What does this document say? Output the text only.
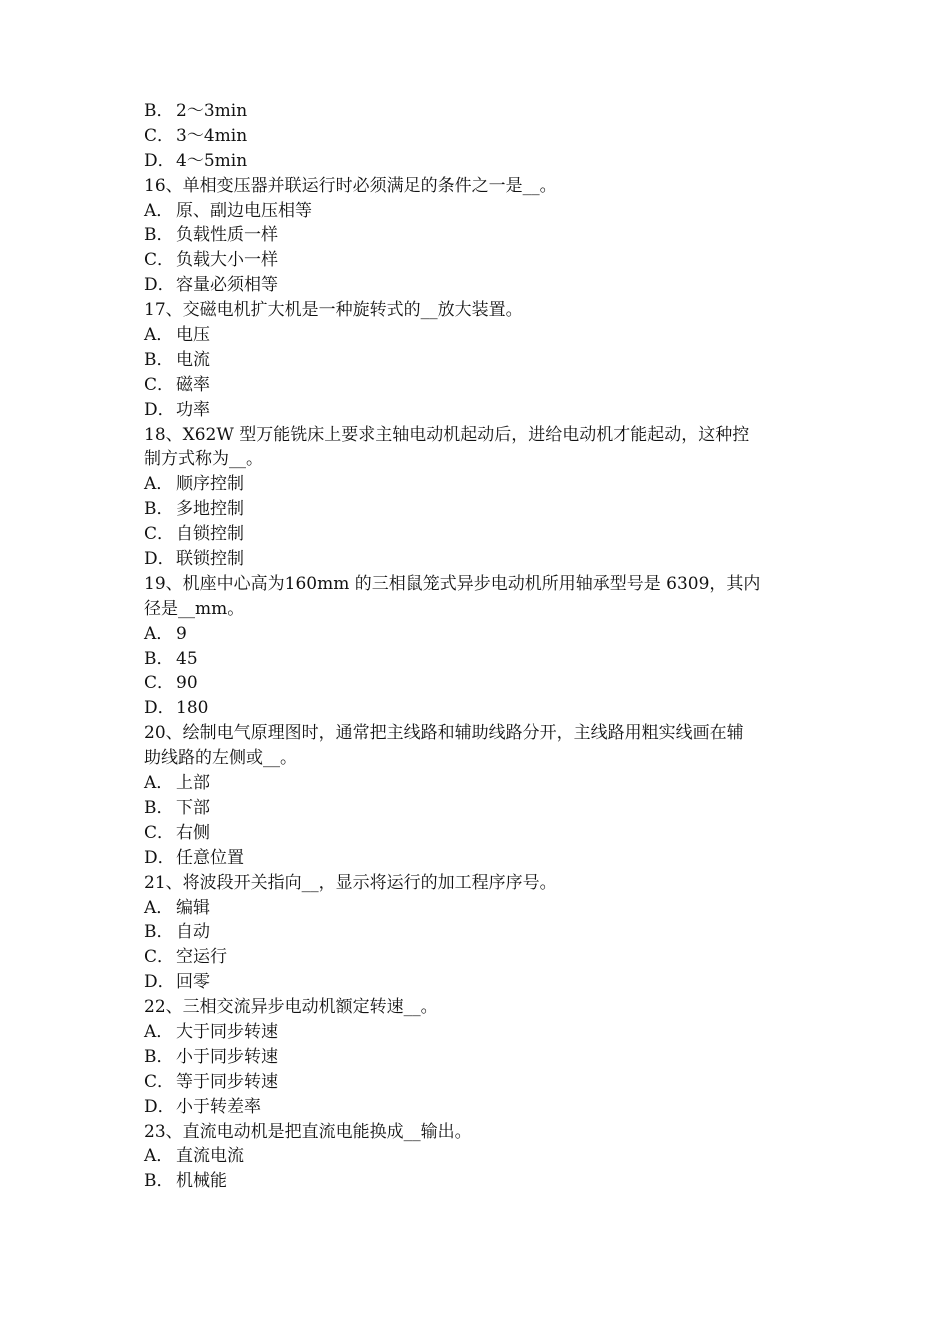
B． 2～3min
C． 3～4min
D．4～5min
16、单相变压器并联运行时必须满足的条件之一是__。
A． 原、副边电压相等
B． 负载性质一样
C． 负载大小一样
D．容量必须相等
17、交磁电机扩大机是一种旋转式的__放大装置。
A． 电压
B． 电流
C． 磁率
D．功率
18、X62W 型万能铣床上要求主轴电动机起动后，进给电动机才能起动，这种控
制方式称为__。
A． 顺序控制
B． 多地控制
C． 自锁控制
D．联锁控制
19、机座中心高为160mm 的三相鼠笼式异步电动机所用轴承型号是 6309，其内
径是__mm。
A． 9
B． 45
C． 90
D．180
20、绘制电气原理图时，通常把主线路和辅助线路分开，主线路用粗实线画在辅
助线路的左侧或__。
A． 上部
B． 下部
C． 右侧
D．任意位置
21、将波段开关指向__，显示将运行的加工程序序号。
A． 编辑
B． 自动
C． 空运行
D．回零
22、三相交流异步电动机额定转速__。
A． 大于同步转速
B． 小于同步转速
C． 等于同步转速
D．小于转差率
23、直流电动机是把直流电能换成__输出。
A． 直流电流
B． 机械能
